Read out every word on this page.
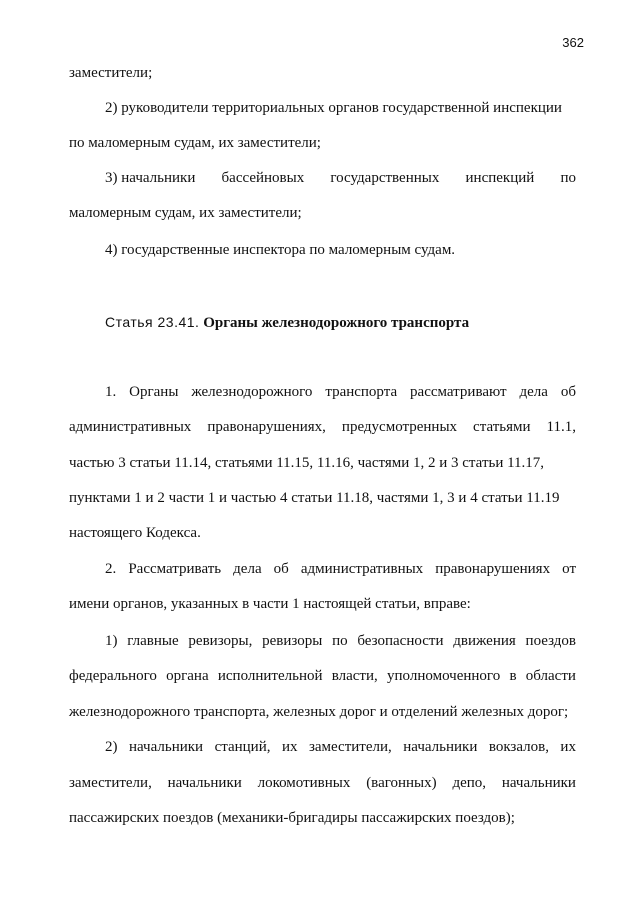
362

заместители;

2) руководители территориальных органов государственной инспекции

по маломерным судам, их заместители;

3) начальники бассейновых государственных инспекций по

маломерным судам, их заместители;

4) государственные инспектора по маломерным судам.

Статья 23.41. Органы железнодорожного транспорта

1. Органы железнодорожного транспорта рассматривают дела об

административных правонарушениях, предусмотренных статьями 11.1,

частью 3 статьи 11.14, статьями 11.15, 11.16, частями 1, 2 и 3 статьи 11.17,

пунктами 1 и 2 части 1 и частью 4 статьи 11.18, частями 1, 3 и 4 статьи 11.19

настоящего Кодекса.

2. Рассматривать дела об административных правонарушениях от

имени органов, указанных в части 1 настоящей статьи, вправе:

1) главные ревизоры, ревизоры по безопасности движения поездов

федерального органа исполнительной власти, уполномоченного в области

железнодорожного транспорта, железных дорог и отделений железных дорог;

2) начальники станций, их заместители, начальники вокзалов, их

заместители, начальники локомотивных (вагонных) депо, начальники

пассажирских поездов (механики-бригадиры пассажирских поездов);
